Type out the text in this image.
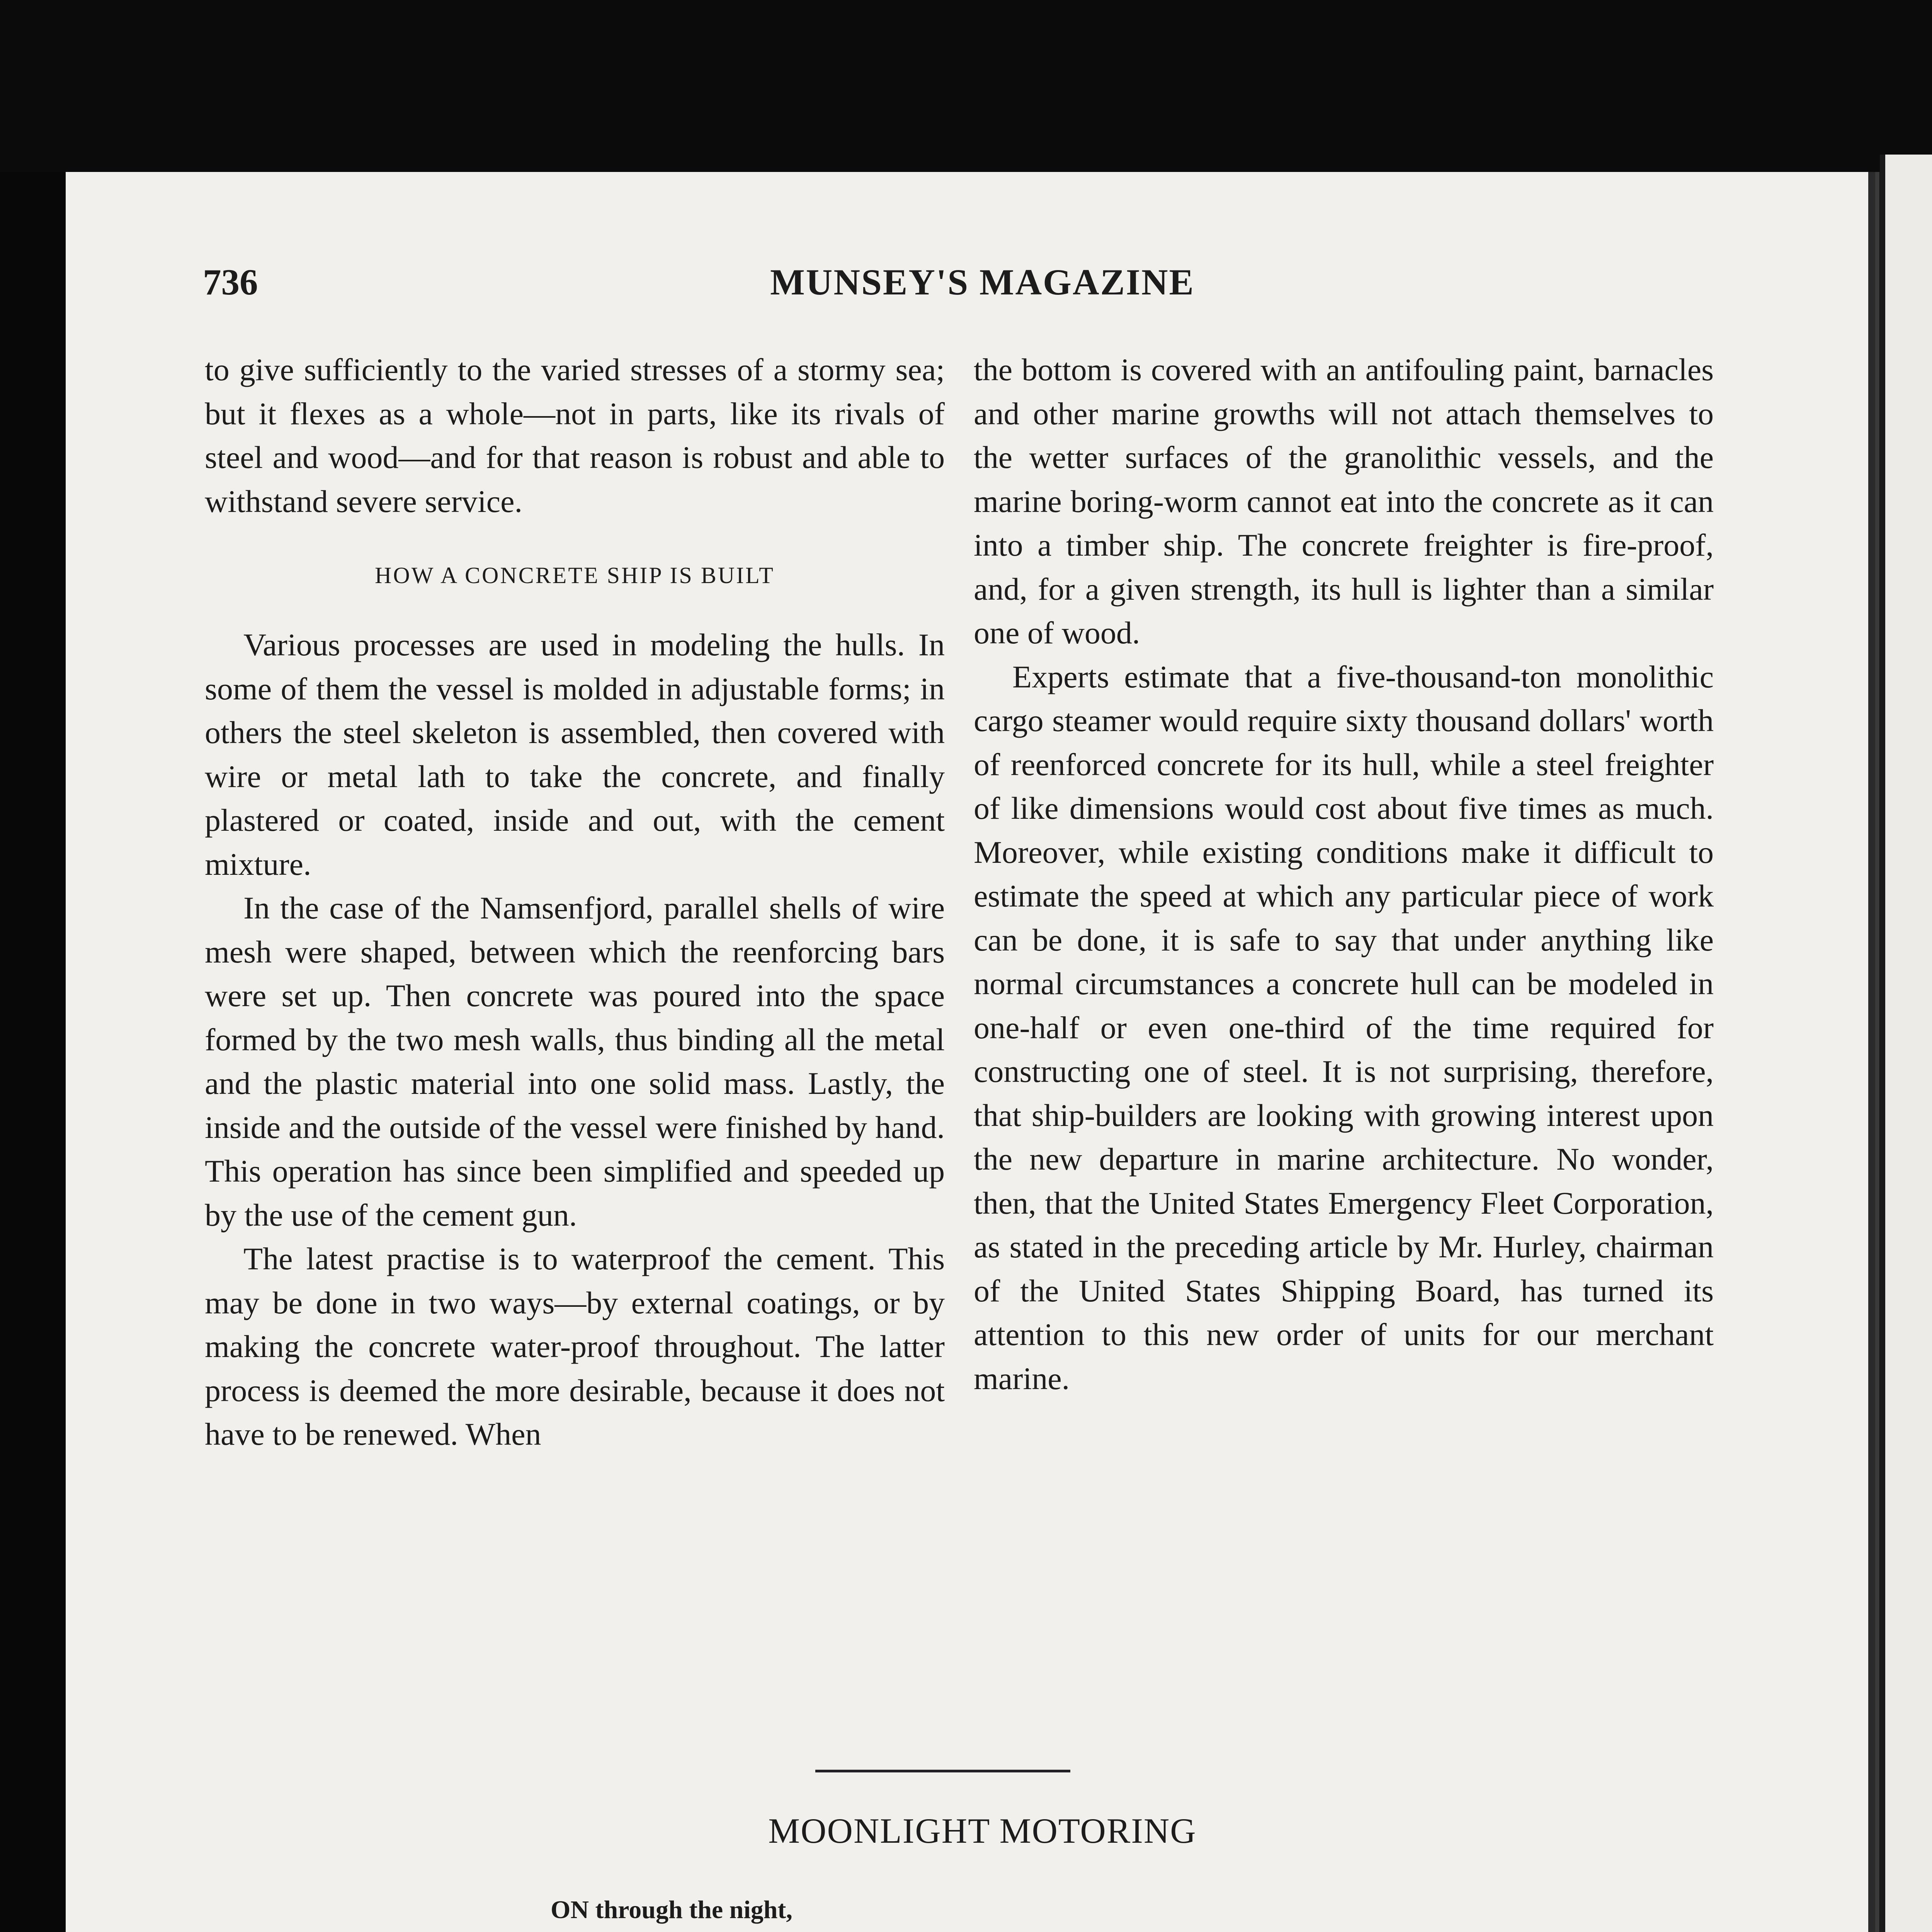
736	MUNSEY'S MAGAZINE

to give sufficiently to the varied stresses of a stormy sea; but it flexes as a whole—not in parts, like its rivals of steel and wood—and for that reason is robust and able to withstand severe service.

HOW A CONCRETE SHIP IS BUILT

Various processes are used in modeling the hulls. In some of them the vessel is molded in adjustable forms; in others the steel skeleton is assembled, then covered with wire or metal lath to take the concrete, and finally plastered or coated, inside and out, with the cement mixture.

In the case of the Namsenfjord, parallel shells of wire mesh were shaped, between which the reenforcing bars were set up. Then concrete was poured into the space formed by the two mesh walls, thus binding all the metal and the plastic material into one solid mass. Lastly, the inside and the outside of the vessel were finished by hand. This operation has since been simplified and speeded up by the use of the cement gun.

The latest practise is to waterproof the cement. This may be done in two ways—by external coatings, or by making the concrete water-proof throughout. The latter process is deemed the more desirable, because it does not have to be renewed. When

the bottom is covered with an antifouling paint, barnacles and other marine growths will not attach themselves to the wetter surfaces of the granolithic vessels, and the marine boring-worm cannot eat into the concrete as it can into a timber ship. The concrete freighter is fire-proof, and, for a given strength, its hull is lighter than a similar one of wood.

Experts estimate that a five-thousand-ton monolithic cargo steamer would require sixty thousand dollars' worth of reenforced concrete for its hull, while a steel freighter of like dimensions would cost about five times as much. Moreover, while existing conditions make it difficult to estimate the speed at which any particular piece of work can be done, it is safe to say that under anything like normal circumstances a concrete hull can be modeled in one-half or even one-third of the time required for constructing one of steel. It is not surprising, therefore, that ship-builders are looking with growing interest upon the new departure in marine architecture. No wonder, then, that the United States Emergency Fleet Corporation, as stated in the preceding article by Mr. Hurley, chairman of the United States Shipping Board, has turned its attention to this new order of units for our merchant marine.

MOONLIGHT MOTORING
ON through the night,
